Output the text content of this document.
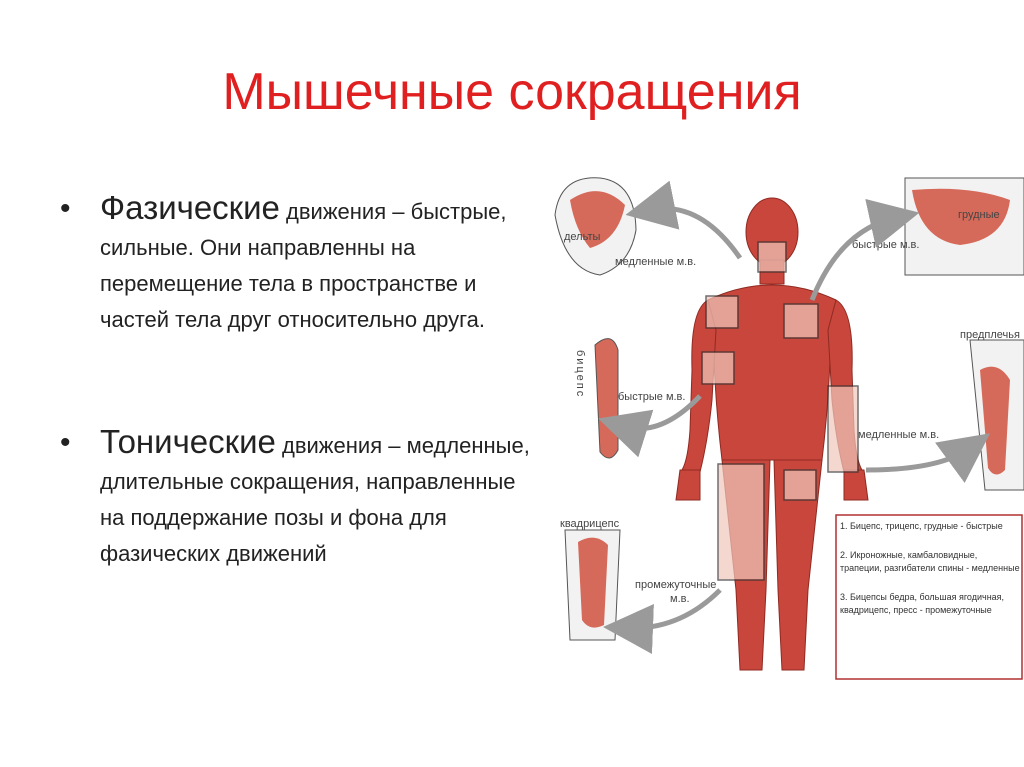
Мышечные сокращения
• Фазические движения – быстрые, сильные. Они направленны на перемещение тела в пространстве и частей тела друг относительно друга.
• Тонические движения – медленные, длительные сокращения, направленные на поддержание позы и фона для фазических движений
дельты
медленные м.в.
грудные
быстрые м.в.
предплечья
медленные м.в.
бицепс	быстрые м.в.
квадрицепс
промежуточные
м.в.
1. Бицепс, трицепс, грудные - быстрые
2. Икроножные, камбаловидные, трапеции, разгибатели спины - медленные
3. Бицепсы бедра, большая ягодичная, квадрицепс, пресс - промежуточные
